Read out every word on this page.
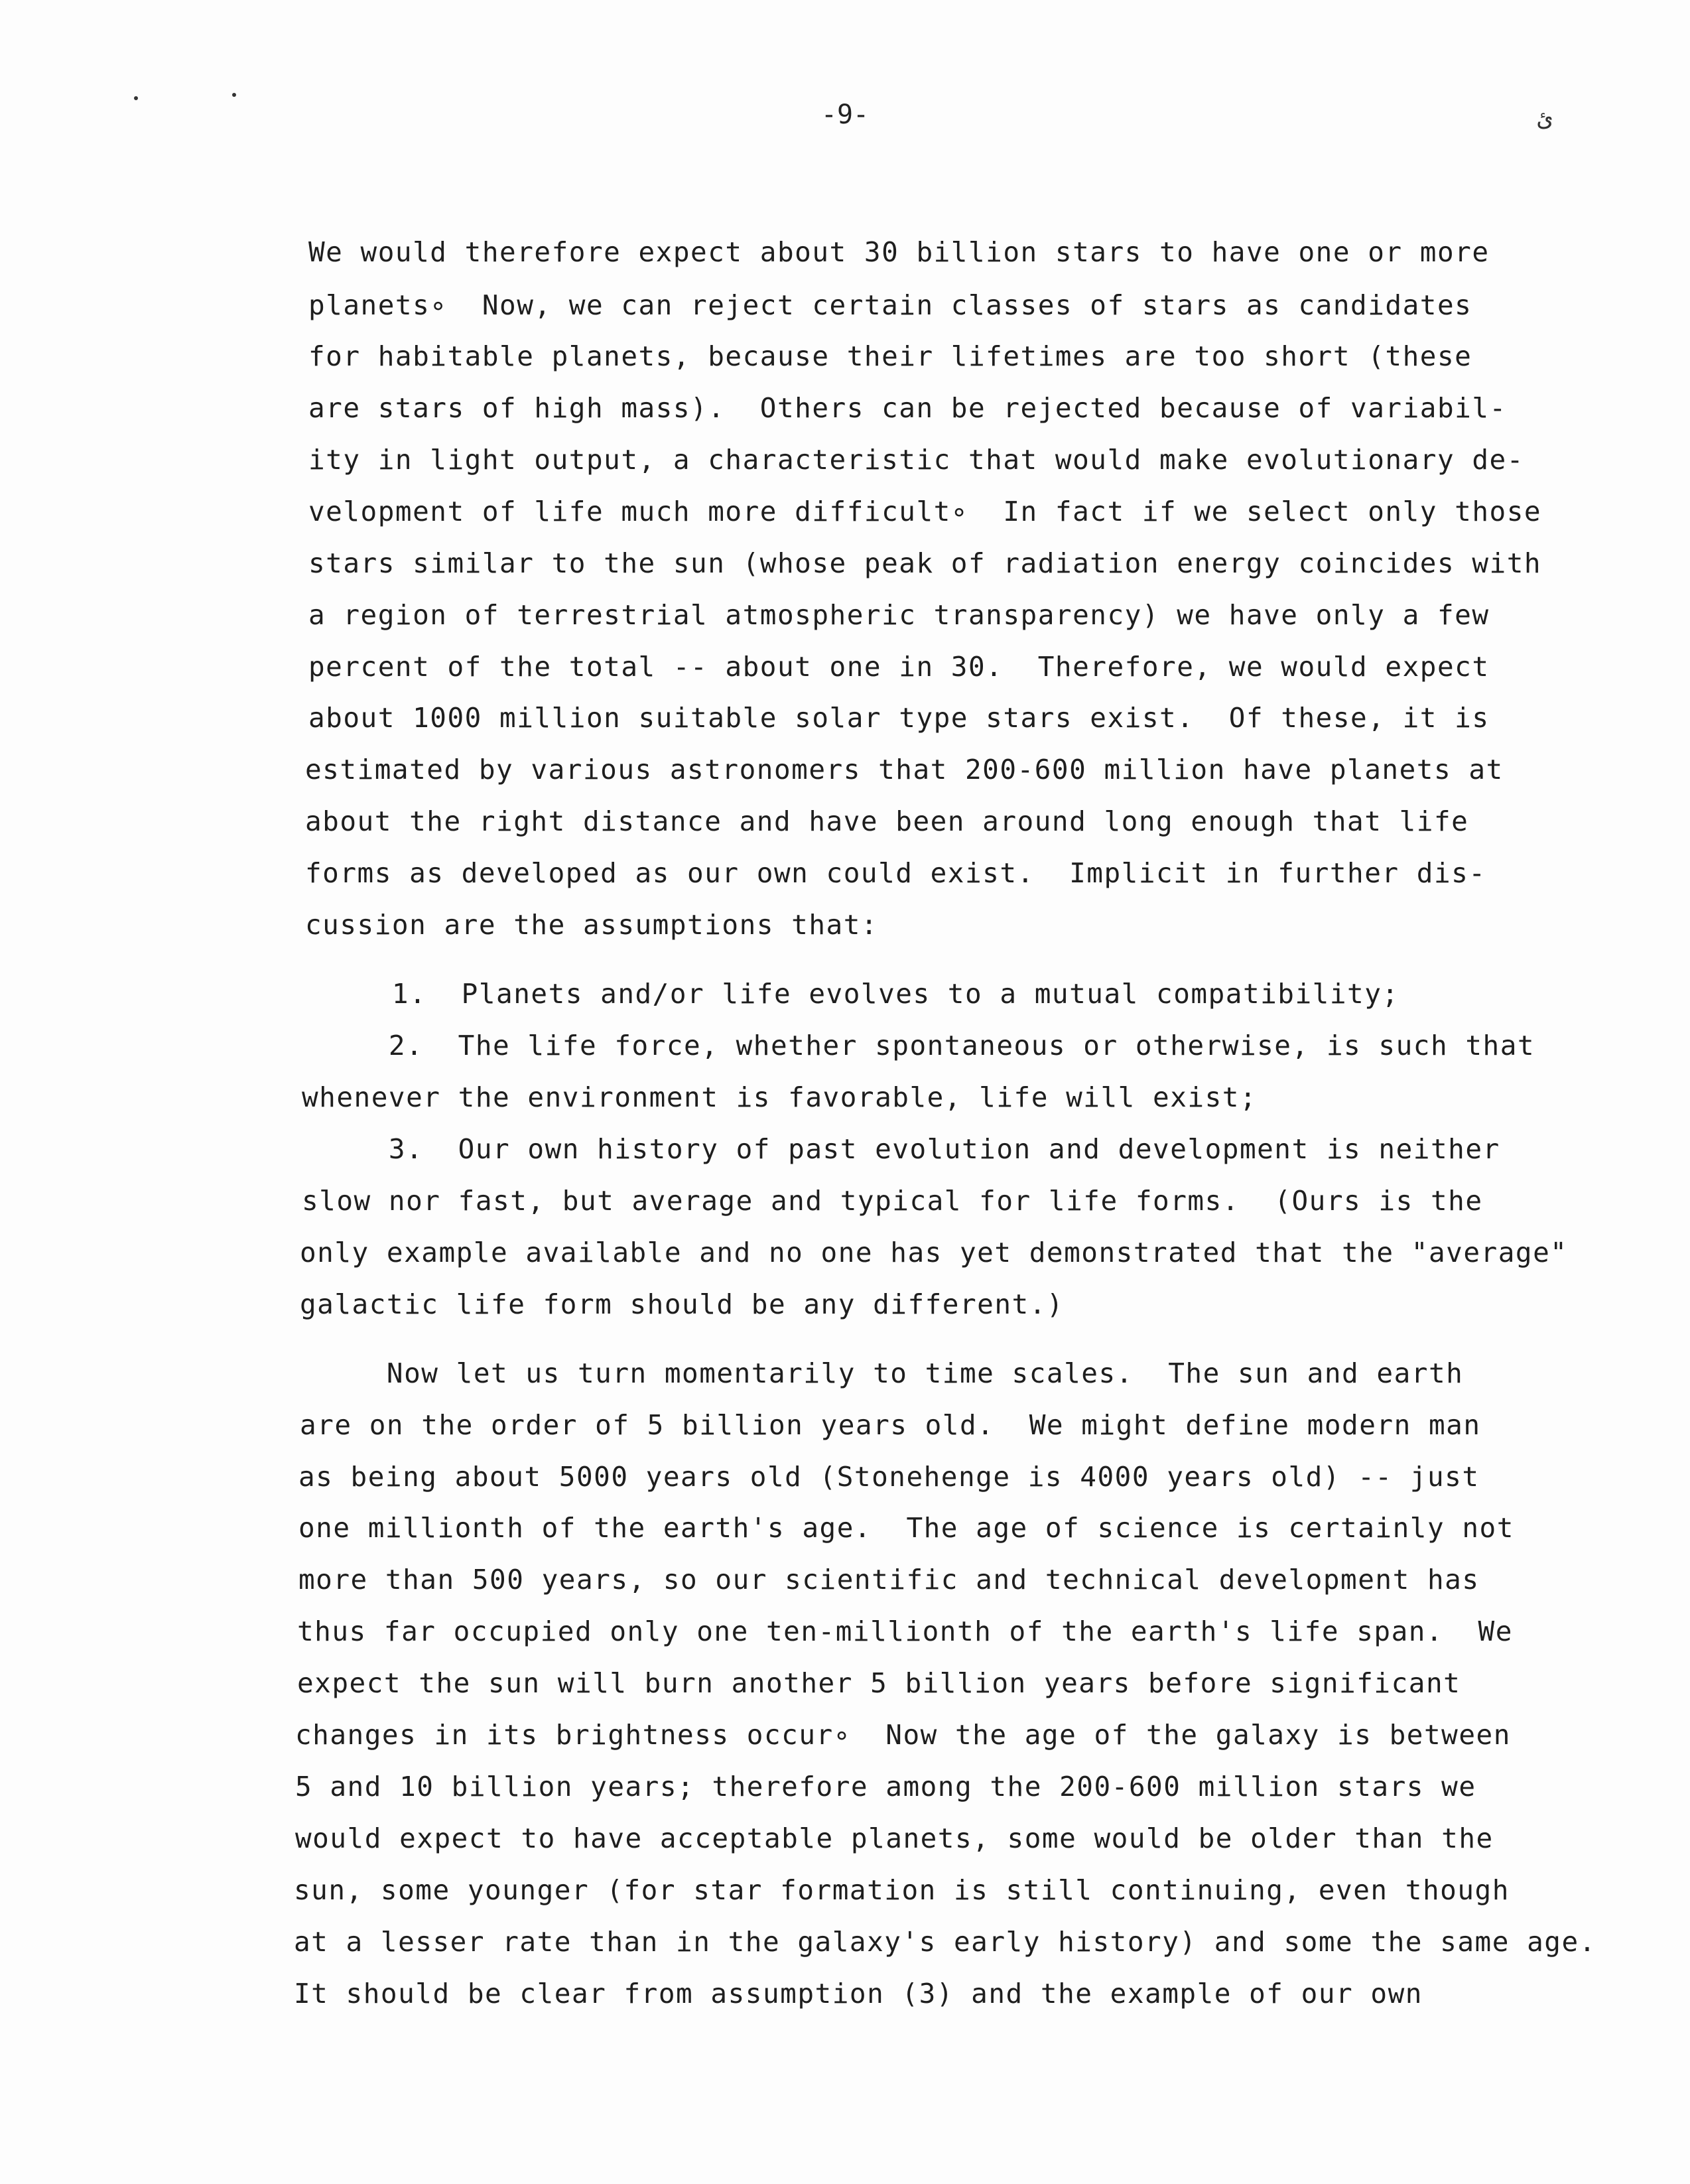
-9-	ئ
We would therefore expect about 30 billion stars to have one or more
planets∘  Now, we can reject certain classes of stars as candidates
for habitable planets, because their lifetimes are too short (these
are stars of high mass).  Others can be rejected because of variabil-
ity in light output, a characteristic that would make evolutionary de-
velopment of life much more difficult∘  In fact if we select only those
stars similar to the sun (whose peak of radiation energy coincides with
a region of terrestrial atmospheric transparency) we have only a few
percent of the total -- about one in 30.  Therefore, we would expect
about 1000 million suitable solar type stars exist.  Of these, it is
estimated by various astronomers that 200-600 million have planets at
about the right distance and have been around long enough that life
forms as developed as our own could exist.  Implicit in further dis-
cussion are the assumptions that:
1.  Planets and/or life evolves to a mutual compatibility;
2.  The life force, whether spontaneous or otherwise, is such that
whenever the environment is favorable, life will exist;
3.  Our own history of past evolution and development is neither
slow nor fast, but average and typical for life forms.  (Ours is the
only example available and no one has yet demonstrated that the "average"
galactic life form should be any different.)
Now let us turn momentarily to time scales.  The sun and earth
are on the order of 5 billion years old.  We might define modern man
as being about 5000 years old (Stonehenge is 4000 years old) -- just
one millionth of the earth's age.  The age of science is certainly not
more than 500 years, so our scientific and technical development has
thus far occupied only one ten-millionth of the earth's life span.  We
expect the sun will burn another 5 billion years before significant
changes in its brightness occur∘  Now the age of the galaxy is between
5 and 10 billion years; therefore among the 200-600 million stars we
would expect to have acceptable planets, some would be older than the
sun, some younger (for star formation is still continuing, even though
at a lesser rate than in the galaxy's early history) and some the same age.
It should be clear from assumption (3) and the example of our own
